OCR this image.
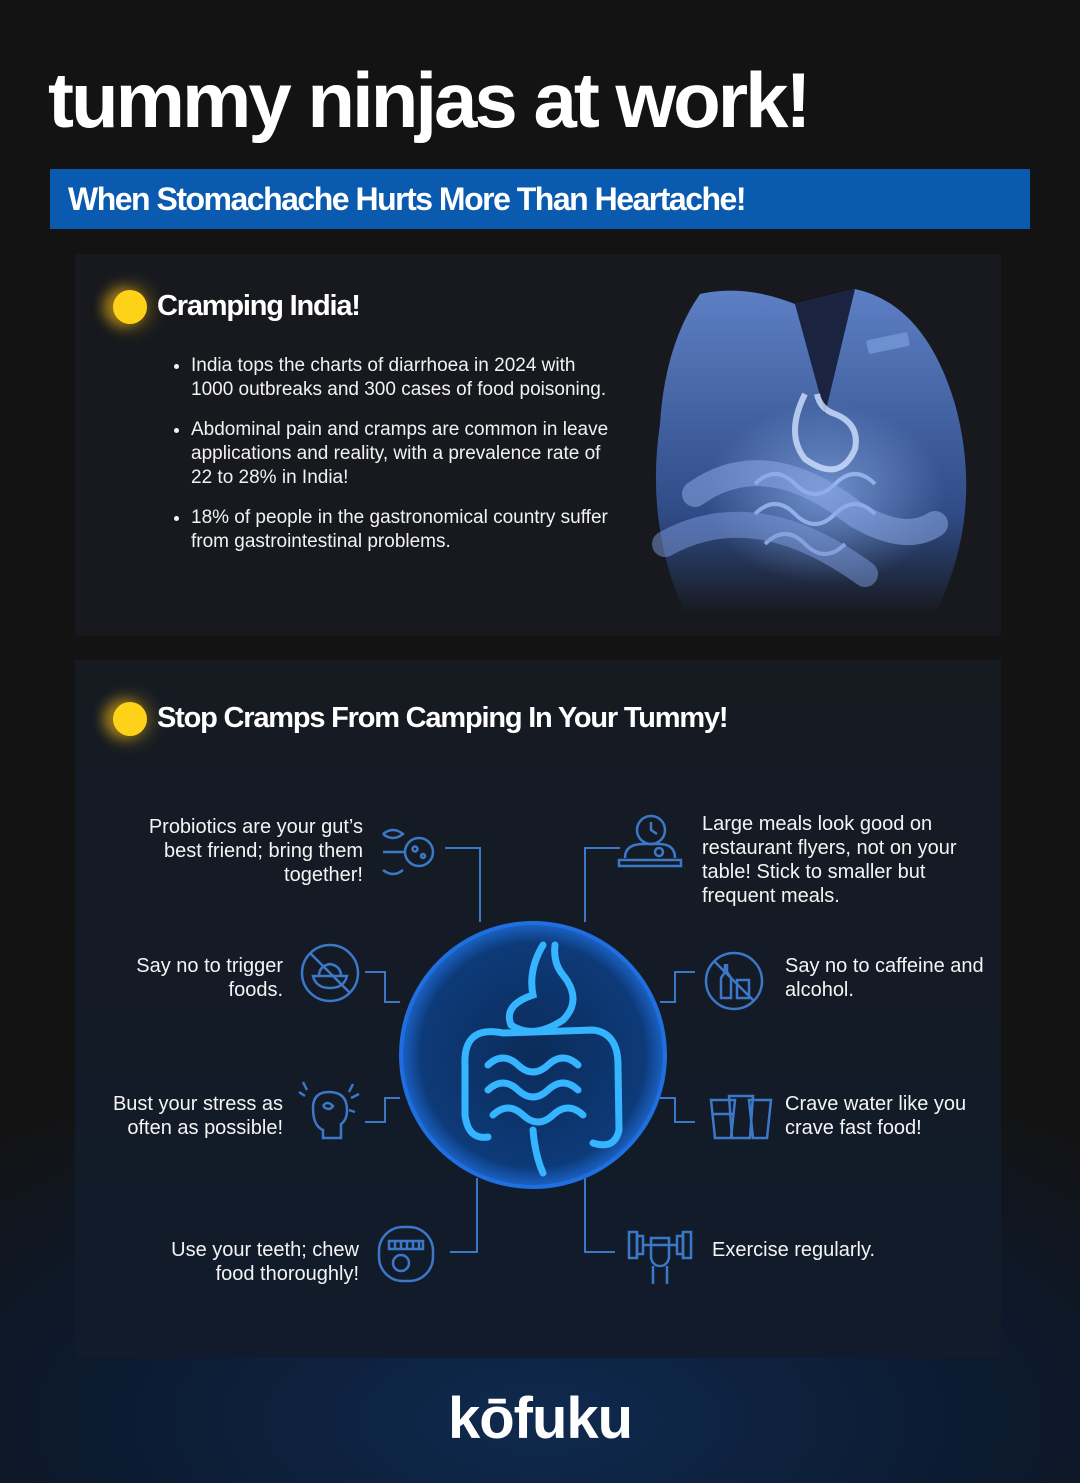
tummy ninjas at work!
When Stomachache Hurts More Than Heartache!
Cramping India!
• India tops the charts of diarrhoea in 2024 with 1000 outbreaks and 300 cases of food poisoning.
• Abdominal pain and cramps are common in leave applications and reality, with a prevalence rate of 22 to 28% in India!
• 18% of people in the gastronomical country suffer from gastrointestinal problems.
Stop Cramps From Camping In Your Tummy!
Probiotics are your gut’s best friend; bring them together!
Say no to trigger foods.
Bust your stress as often as possible!
Use your teeth; chew food thoroughly!
Large meals look good on restaurant flyers, not on your table! Stick to smaller but frequent meals.
Say no to caffeine and alcohol.
Crave water like you crave fast food!
Exercise regularly.
kōfuku
